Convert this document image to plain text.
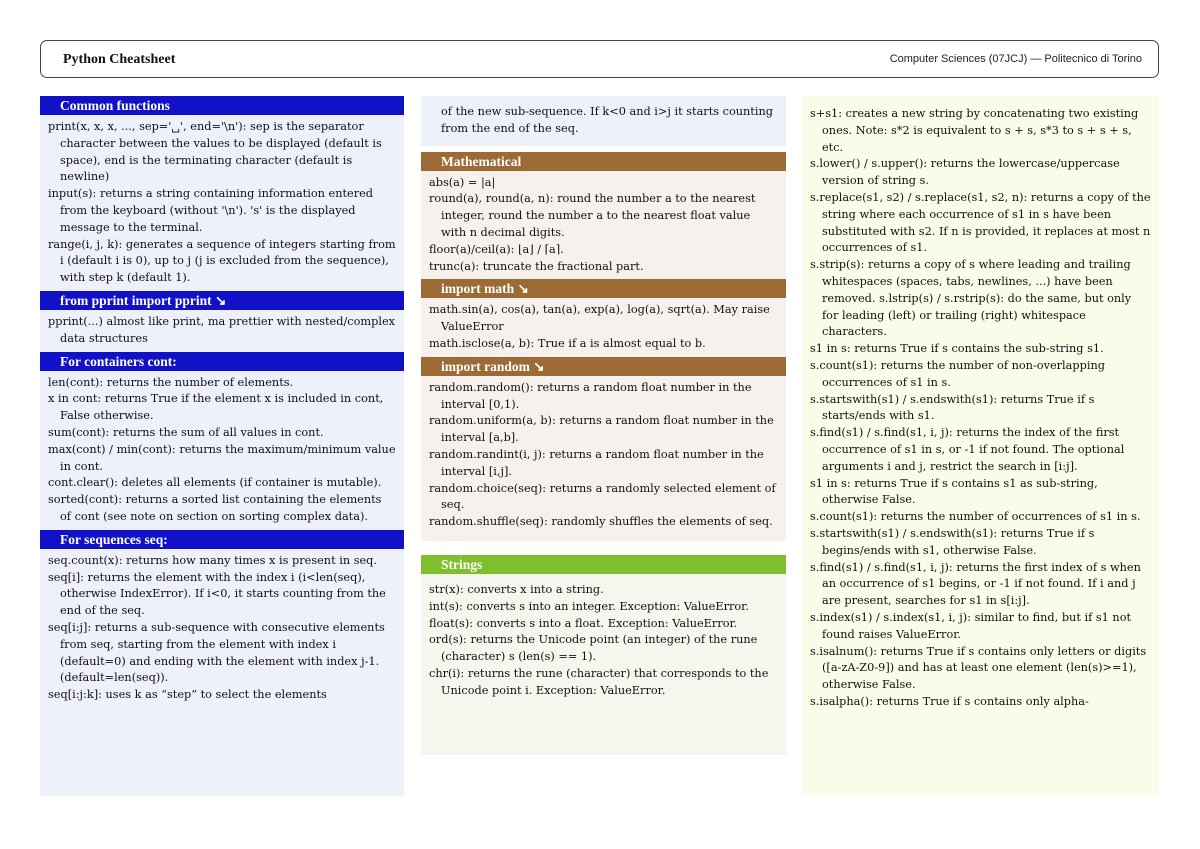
Python Cheatsheet	Computer Sciences (07JCJ) — Politecnico di Torino
Common functions
print(x, x, x, ..., sep='␣', end='\n'): sep is the separator character between the values to be displayed (default is space), end is the terminating character (default is newline)
input(s): returns a string containing information entered from the keyboard (without '\n'). 's' is the displayed message to the terminal.
range(i, j, k): generates a sequence of integers starting from i (default i is 0), up to j (j is excluded from the sequence), with step k (default 1).
from pprint import pprint ↘
pprint(...) almost like print, ma prettier with nested/complex data structures
For containers cont:
len(cont): returns the number of elements.
x in cont: returns True if the element x is included in cont, False otherwise.
sum(cont): returns the sum of all values in cont.
max(cont) / min(cont): returns the maximum/minimum value in cont.
cont.clear(): deletes all elements (if container is mutable).
sorted(cont): returns a sorted list containing the elements of cont (see note on section on sorting complex data).
For sequences seq:
seq.count(x): returns how many times x is present in seq.
seq[i]: returns the element with the index i (i<len(seq), otherwise IndexError). If i<0, it starts counting from the end of the seq.
seq[i:j]: returns a sub-sequence with consecutive elements from seq, starting from the element with index i (default=0) and ending with the element with index j-1. (default=len(seq)).
seq[i:j:k]: uses k as “step” to select the elements
of the new sub-sequence. If k<0 and i>j it starts counting from the end of the seq.
Mathematical
abs(a) = |a|
round(a), round(a, n): round the number a to the nearest integer, round the number a to the nearest float value with n decimal digits.
floor(a)/ceil(a): ⌊a⌋ / ⌈a⌉.
trunc(a): truncate the fractional part.
import math ↘
math.sin(a), cos(a), tan(a), exp(a), log(a), sqrt(a). May raise ValueError
math.isclose(a, b): True if a is almost equal to b.
import random ↘
random.random(): returns a random float number in the interval [0,1).
random.uniform(a, b): returns a random float number in the interval [a,b].
random.randint(i, j): returns a random float number in the interval [i,j].
random.choice(seq): returns a randomly selected element of seq.
random.shuffle(seq): randomly shuffles the elements of seq.
Strings
str(x): converts x into a string.
int(s): converts s into an integer. Exception: ValueError.
float(s): converts s into a float. Exception: ValueError.
ord(s): returns the Unicode point (an integer) of the rune (character) s (len(s) == 1).
chr(i): returns the rune (character) that corresponds to the Unicode point i. Exception: ValueError.
s+s1: creates a new string by concatenating two existing ones. Note: s*2 is equivalent to s + s, s*3 to s + s + s, etc.
s.lower() / s.upper(): returns the lowercase/uppercase version of string s.
s.replace(s1, s2) / s.replace(s1, s2, n): returns a copy of the string where each occurrence of s1 in s have been substituted with s2. If n is provided, it replaces at most n occurrences of s1.
s.strip(s): returns a copy of s where leading and trailing whitespaces (spaces, tabs, newlines, ...) have been removed. s.lstrip(s) / s.rstrip(s): do the same, but only for leading (left) or trailing (right) whitespace characters.
s1 in s: returns True if s contains the sub-string s1.
s.count(s1): returns the number of non-overlapping occurrences of s1 in s.
s.startswith(s1) / s.endswith(s1): returns True if s starts/ends with s1.
s.find(s1) / s.find(s1, i, j): returns the index of the first occurrence of s1 in s, or -1 if not found. The optional arguments i and j, restrict the search in [i:j].
s1 in s: returns True if s contains s1 as sub-string, otherwise False.
s.count(s1): returns the number of occurrences of s1 in s.
s.startswith(s1) / s.endswith(s1): returns True if s begins/ends with s1, otherwise False.
s.find(s1) / s.find(s1, i, j): returns the first index of s when an occurrence of s1 begins, or -1 if not found. If i and j are present, searches for s1 in s[i:j].
s.index(s1) / s.index(s1, i, j): similar to find, but if s1 not found raises ValueError.
s.isalnum(): returns True if s contains only letters or digits ([a-zA-Z0-9]) and has at least one element (len(s)>=1), otherwise False.
s.isalpha(): returns True if s contains only alpha-
